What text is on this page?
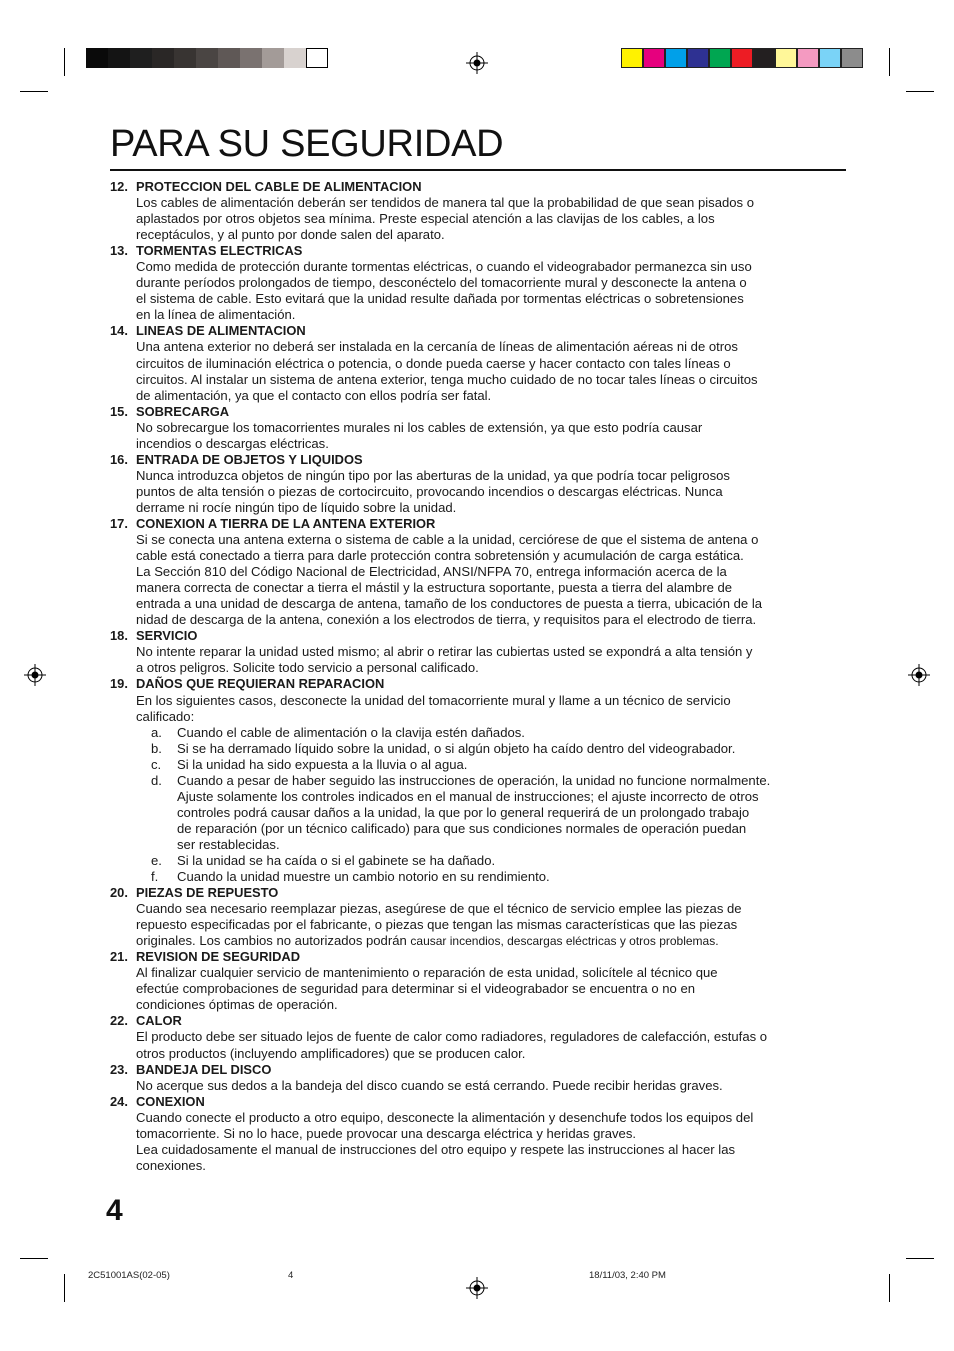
PARA SU SEGURIDAD
12. PROTECCION DEL CABLE DE ALIMENTACION
Los cables de alimentación deberán ser tendidos de manera tal que la probabilidad de que sean pisados o
aplastados por otros objetos sea mínima. Preste especial atención a las clavijas de los cables, a los
receptáculos, y al punto por donde salen del aparato.
13. TORMENTAS ELECTRICAS
Como medida de protección durante tormentas eléctricas, o cuando el videograbador permanezca sin uso
durante períodos prolongados de tiempo, desconéctelo del tomacorriente mural y desconecte la antena o
el sistema de cable. Esto evitará que la unidad resulte dañada por tormentas eléctricas o sobretensiones
en la línea de alimentación.
14. LINEAS DE ALIMENTACION
Una antena exterior no deberá ser instalada en la cercanía de líneas de alimentación aéreas ni de otros
circuitos de iluminación eléctrica o potencia, o donde pueda caerse y hacer contacto con tales líneas o
circuitos. Al instalar un sistema de antena exterior, tenga mucho cuidado de no tocar tales líneas o circuitos
de alimentación, ya que el contacto con ellos podría ser fatal.
15. SOBRECARGA
No sobrecargue los tomacorrientes murales ni los cables de extensión, ya que esto podría causar
incendios o descargas eléctricas.
16. ENTRADA DE OBJETOS Y LIQUIDOS
Nunca introduzca objetos de ningún tipo por las aberturas de la unidad, ya que podría tocar peligrosos
puntos de alta tensión o piezas de cortocircuito, provocando incendios o descargas eléctricas. Nunca
derrame ni rocíe ningún tipo de líquido sobre la unidad.
17. CONEXION A TIERRA DE LA ANTENA EXTERIOR
Si se conecta una antena externa o sistema de cable a la unidad, cerciórese de que el sistema de antena o
cable está conectado a tierra para darle protección contra sobretensión y acumulación de carga estática.
La Sección 810 del Código Nacional de Electricidad, ANSI/NFPA 70, entrega información acerca de la
manera correcta de conectar a tierra el mástil y la estructura soportante, puesta a tierra del alambre de
entrada a una unidad de descarga de antena, tamaño de los conductores de puesta a tierra, ubicación de la
nidad de descarga de la antena, conexión a los electrodos de tierra, y requisitos para el electrodo de tierra.
18. SERVICIO
No intente reparar la unidad usted mismo; al abrir o retirar las cubiertas usted se expondrá a alta tensión y
a otros peligros. Solicite todo servicio a personal calificado.
19. DAÑOS QUE REQUIERAN REPARACION
En los siguientes casos, desconecte la unidad del tomacorriente mural y llame a un técnico de servicio
calificado:
a. Cuando el cable de alimentación o la clavija estén dañados.
b. Si se ha derramado líquido sobre la unidad, o si algún objeto ha caído dentro del videograbador.
c. Si la unidad ha sido expuesta a la lluvia o al agua.
d. Cuando a pesar de haber seguido las instrucciones de operación, la unidad no funcione normalmente.
Ajuste solamente los controles indicados en el manual de instrucciones; el ajuste incorrecto de otros
controles podrá causar daños a la unidad, la que por lo general requerirá de un prolongado trabajo
de reparación (por un técnico calificado) para que sus condiciones normales de operación puedan
ser restablecidas.
e. Si la unidad se ha caída o si el gabinete se ha dañado.
f. Cuando la unidad muestre un cambio notorio en su rendimiento.
20. PIEZAS DE REPUESTO
Cuando sea necesario reemplazar piezas, asegúrese de que el técnico de servicio emplee las piezas de
repuesto especificadas por el fabricante, o piezas que tengan las mismas características que las piezas
originales. Los cambios no autorizados podrán causar incendios, descargas eléctricas y otros problemas.
21. REVISION DE SEGURIDAD
Al finalizar cualquier servicio de mantenimiento o reparación de esta unidad, solicítele al técnico que
efectúe comprobaciones de seguridad para determinar si el videograbador se encuentra o no en
condiciones óptimas de operación.
22. CALOR
El producto debe ser situado lejos de fuente de calor como radiadores, reguladores de calefacción, estufas o
otros productos (incluyendo amplificadores) que se producen calor.
23. BANDEJA DEL DISCO
No acerque sus dedos a la bandeja del disco cuando se está cerrando. Puede recibir heridas graves.
24. CONEXION
Cuando conecte el producto a otro equipo, desconecte la alimentación y desenchufe todos los equipos del
tomacorriente. Si no lo hace, puede provocar una descarga eléctrica y heridas graves.
Lea cuidadosamente el manual de instrucciones del otro equipo y respete las instrucciones al hacer las
conexiones.
4
2C51001AS(02-05)	4	18/11/03, 2:40 PM
